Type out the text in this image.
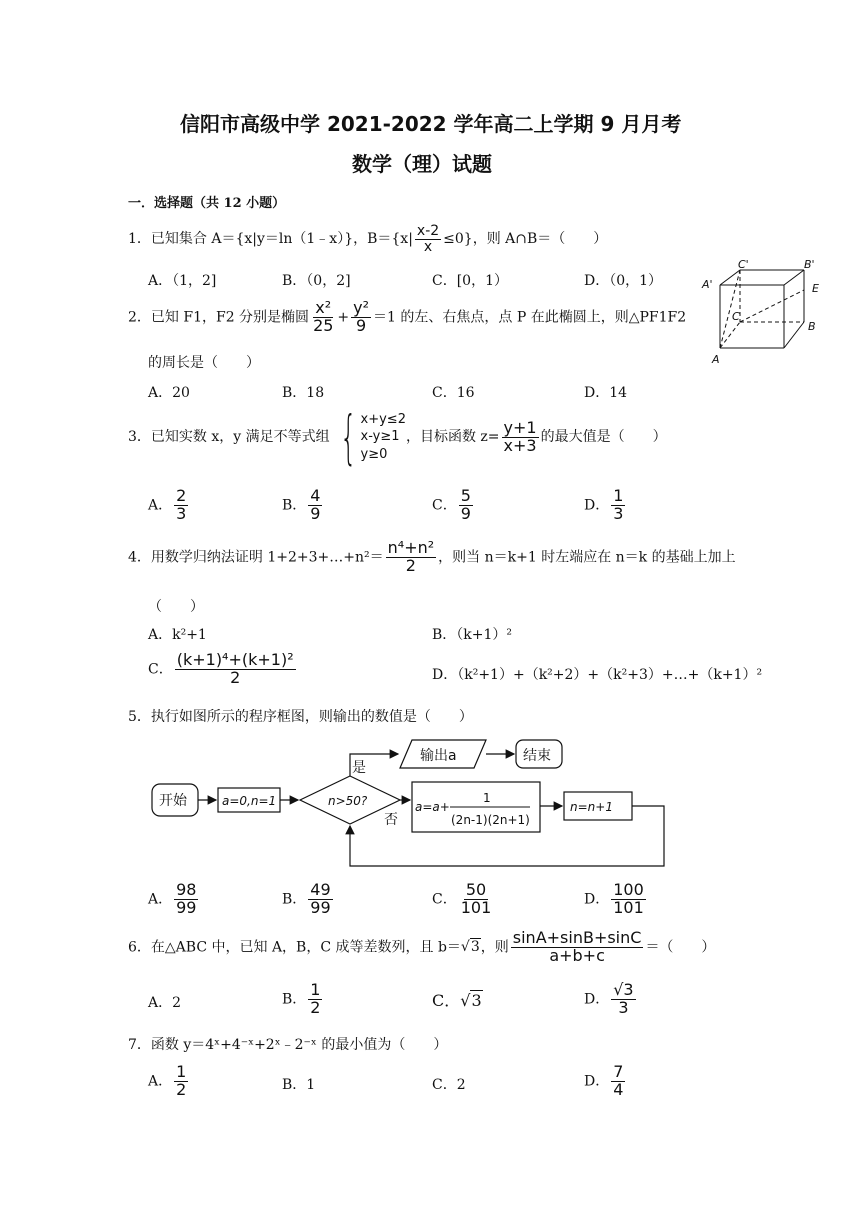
信阳市高级中学 2021-2022 学年高二上学期 9 月月考
数学（理）试题
一．选择题（共 12 小题）
C'	B'
A'	E
C
B
A
1．已知集合 A＝{x|y＝ln（1﹣x）}，$B=\{x| \frac{x-2}{x} \le 0\}$，则 A∩B＝（　　）
A．（1，2]	B．（0，2]	C．[0，1）	D．（0，1）
2．已知 F1，F2 分别是椭圆 $\frac{\text{x²}}{25} + \frac{\text{y²}}{9} =1$ 的左、右焦点，点 P 在此椭圆上，则△PF1F2
的周长是（　　）
A．20	B．18	C．16	D．14
3．已知实数 x，y 满足不等式组 { x+y≤2
x-y≥1
y≥0
，目标函数 $z= \frac{y+1}{x+3}$ 的最大值是（　　）
A． $\frac{2}{3}$	B． $\frac{4}{9}$	C． $\frac{5}{9}$	D． $\frac{1}{3}$
4．用数学归纳法证明 1+2+3+…+n²＝ $\frac{\text{n⁴+n²}}{2}$ ，则当 n＝k+1 时左端应在 n＝k 的基础上加上
（　　）
A．k²+1	B．（k+1）²
C． $\frac{\text{(k+1)⁴+(k+1)²}}{2}$	D．（k²+1）+（k²+2）+（k²+3）+…+（k+1）²
5．执行如图所示的程序框图，则输出的数值是（　　）
开始	a=0,n=1	n>50?
是
否
输出a	结束
a=a+
1
(2n-1)(2n+1)
n=n+1
A． $\frac{98}{99}$	B． $\frac{49}{99}$	C． $\frac{50}{101}$	D． $\frac{100}{101}$
6．在△ABC 中，已知 A，B，C 成等差数列，且 b＝√3，则 $\frac{\sin A+\sin B+\sin C}{a+b+c}$ ＝（　　）
A．2	B． $\frac{1}{2}$	C．√3	D． $\frac{√3}{3}$
7．函数 y＝4ˣ+4⁻ˣ+2ˣ﹣2⁻ˣ 的最小值为（　　）
A． $\frac{1}{2}$	B．1	C．2	D． $\frac{7}{4}$
